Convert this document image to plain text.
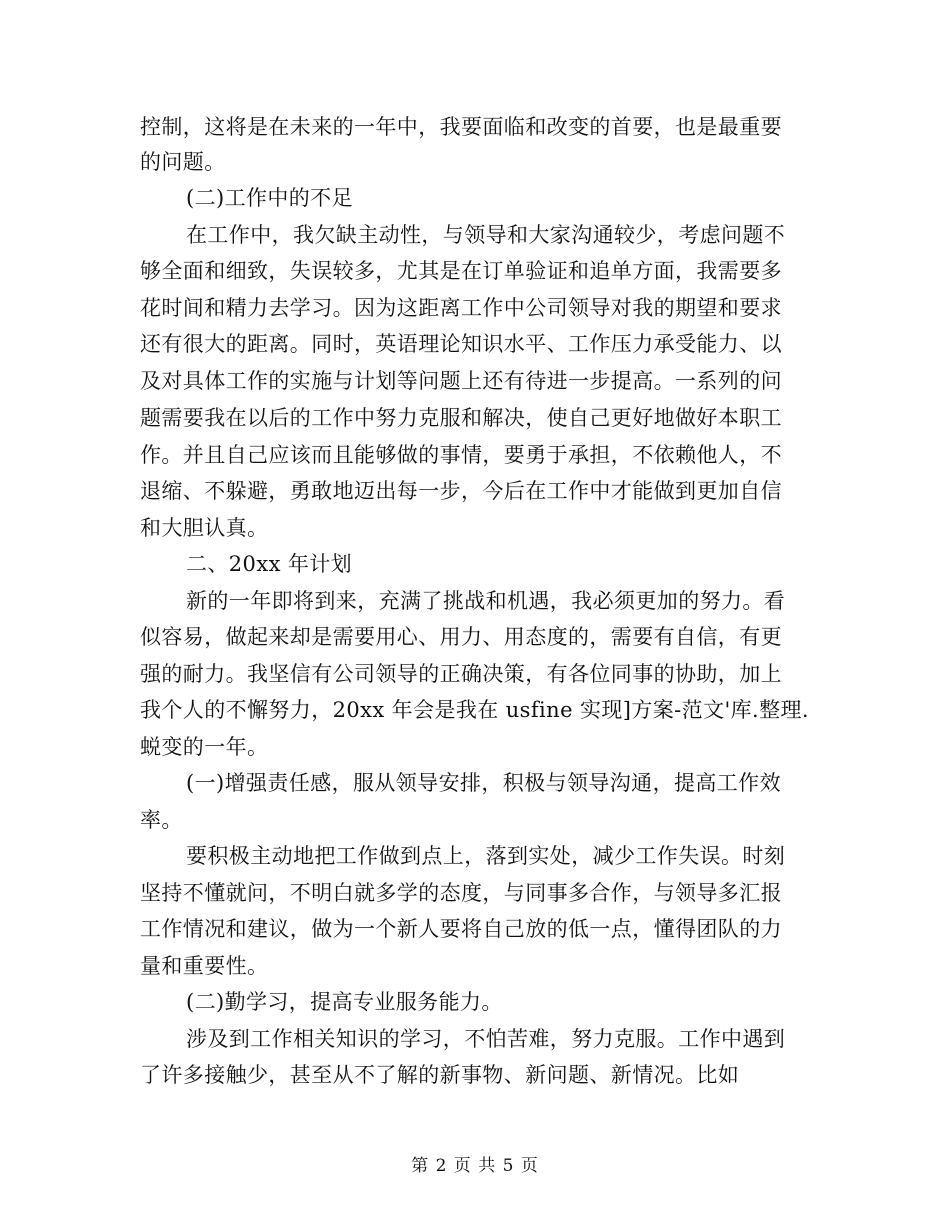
控制，这将是在未来的一年中，我要面临和改变的首要，也是最重要
的问题。
(二)工作中的不足
在工作中，我欠缺主动性，与领导和大家沟通较少，考虑问题不
够全面和细致，失误较多，尤其是在订单验证和追单方面，我需要多
花时间和精力去学习。因为这距离工作中公司领导对我的期望和要求
还有很大的距离。同时，英语理论知识水平、工作压力承受能力、以
及对具体工作的实施与计划等问题上还有待进一步提高。一系列的问
题需要我在以后的工作中努力克服和解决，使自己更好地做好本职工
作。并且自己应该而且能够做的事情，要勇于承担，不依赖他人，不
退缩、不躲避，勇敢地迈出每一步，今后在工作中才能做到更加自信
和大胆认真。
二、20xx 年计划
新的一年即将到来，充满了挑战和机遇，我必须更加的努力。看
似容易，做起来却是需要用心、用力、用态度的，需要有自信，有更
强的耐力。我坚信有公司领导的正确决策，有各位同事的协助，加上
我个人的不懈努力，20xx 年会是我在 usfine 实现]方案-范文'库.整理.
蜕变的一年。
(一)增强责任感，服从领导安排，积极与领导沟通，提高工作效
率。
要积极主动地把工作做到点上，落到实处，减少工作失误。时刻
坚持不懂就问，不明白就多学的态度，与同事多合作，与领导多汇报
工作情况和建议，做为一个新人要将自己放的低一点，懂得团队的力
量和重要性。
(二)勤学习，提高专业服务能力。
涉及到工作相关知识的学习，不怕苦难，努力克服。工作中遇到
了许多接触少，甚至从不了解的新事物、新问题、新情况。比如
第 2 页 共 5 页
